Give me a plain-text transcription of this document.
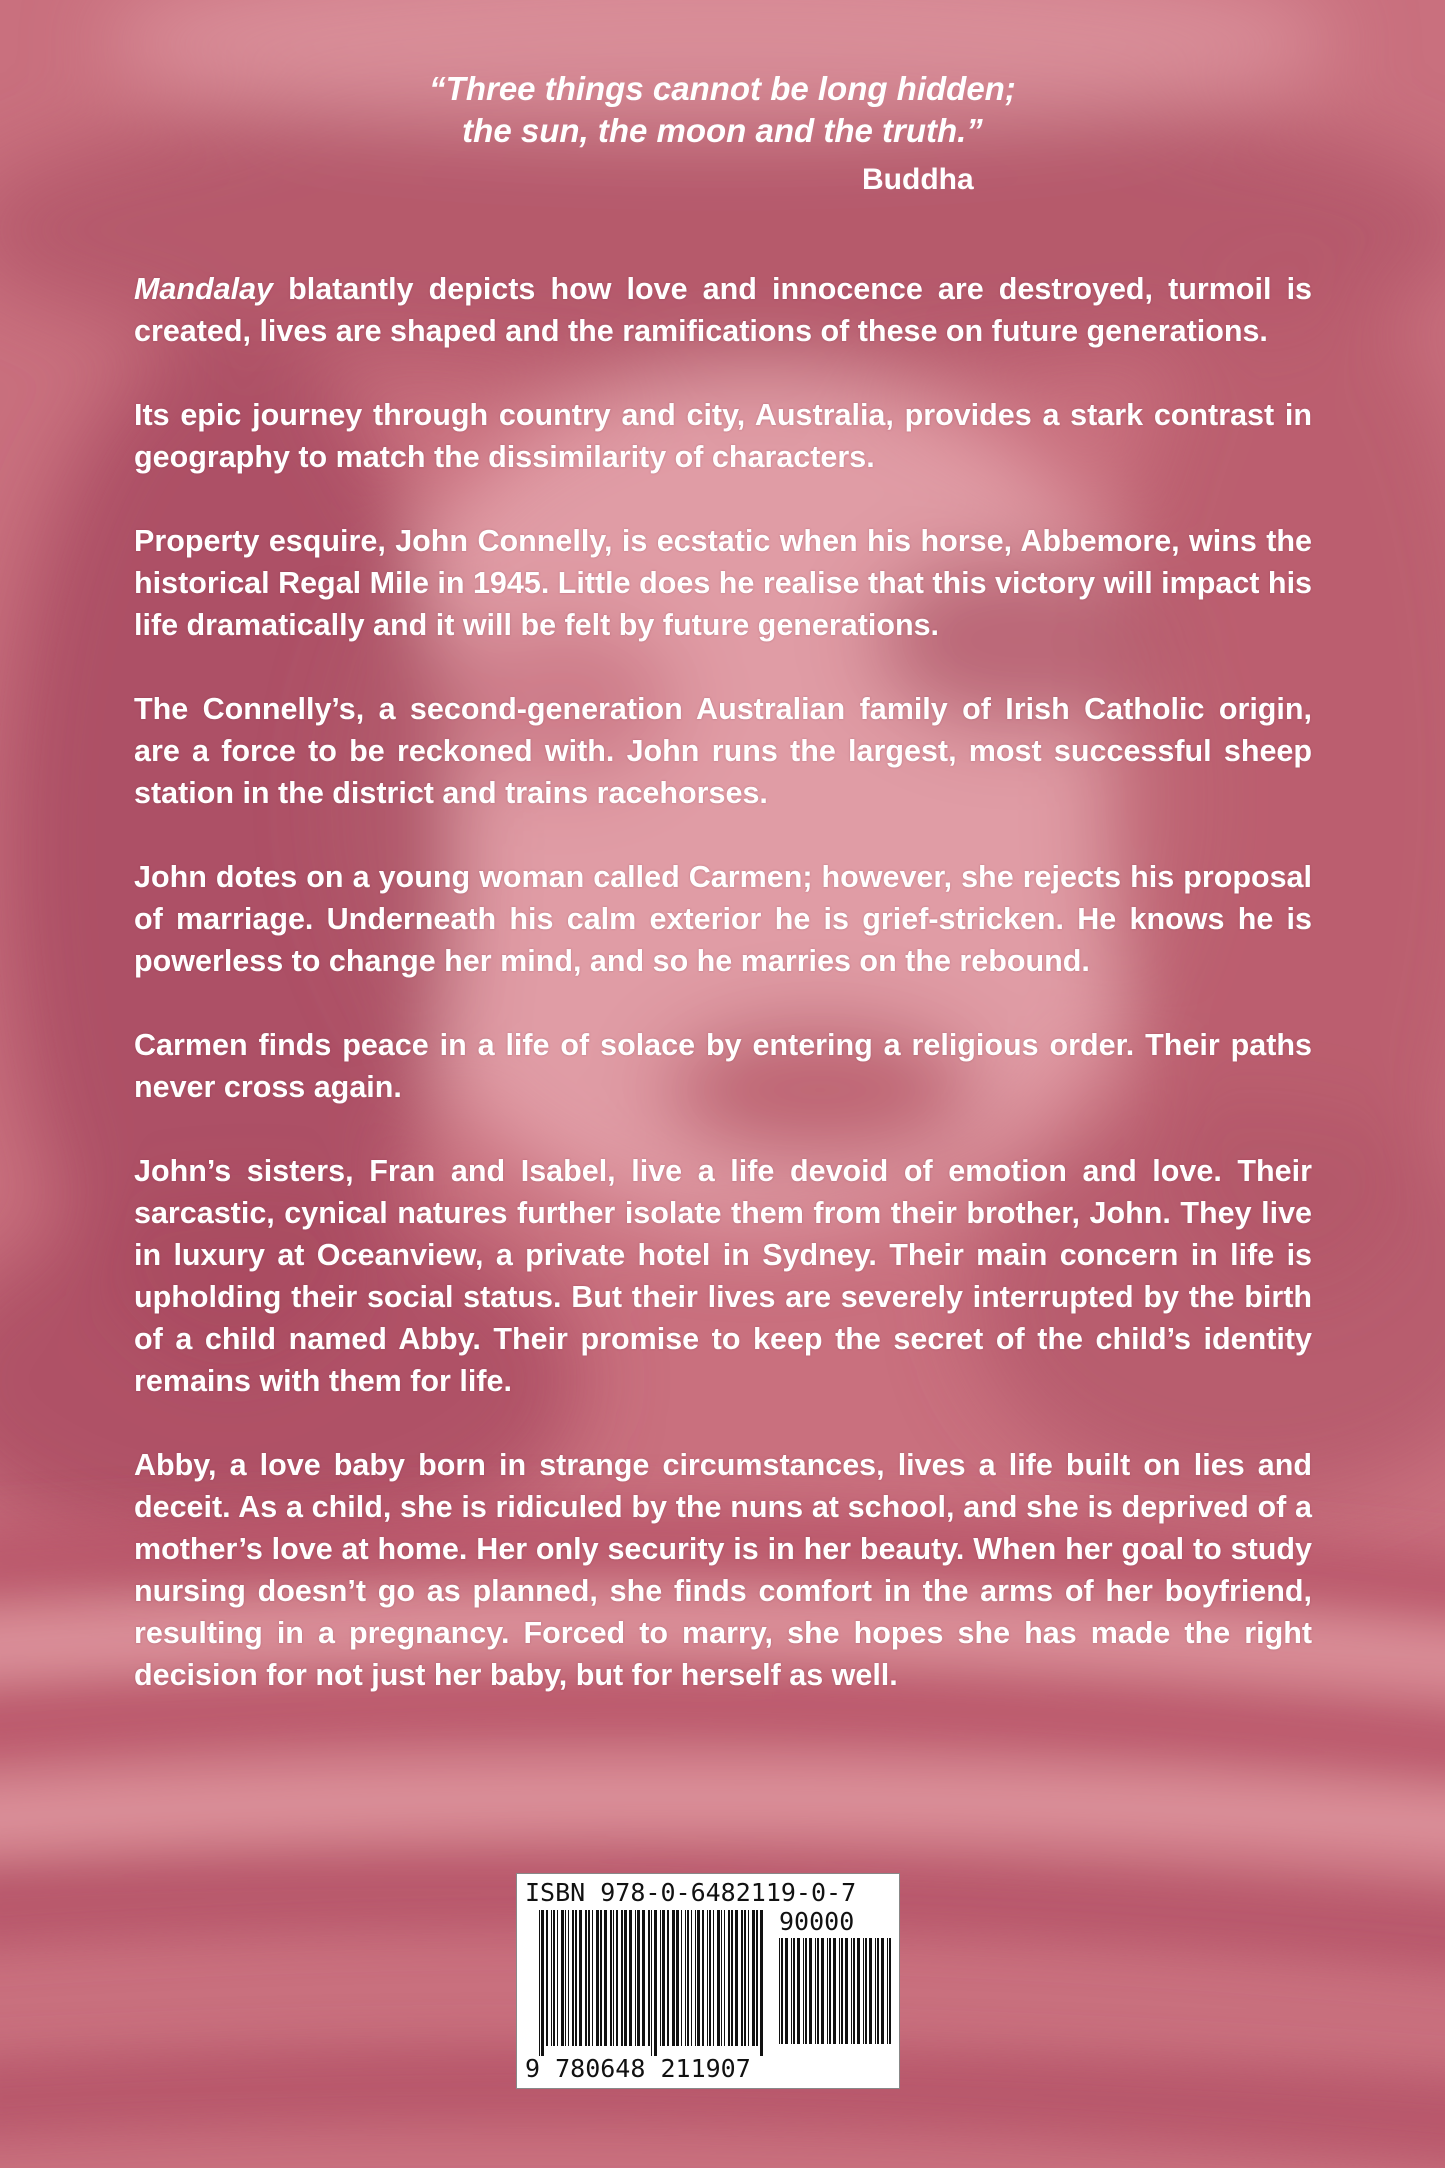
“Three things cannot be long hidden;
the sun, the moon and the truth.”
Buddha

Mandalay blatantly depicts how love and innocence are destroyed, turmoil is created, lives are shaped and the ramifications of these on future generations.

Its epic journey through country and city, Australia, provides a stark contrast in geography to match the dissimilarity of characters.

Property esquire, John Connelly, is ecstatic when his horse, Abbemore, wins the historical Regal Mile in 1945. Little does he realise that this victory will impact his life dramatically and it will be felt by future generations.

The Connelly’s, a second-generation Australian family of Irish Catholic origin, are a force to be reckoned with. John runs the largest, most successful sheep station in the district and trains racehorses.

John dotes on a young woman called Carmen; however, she rejects his proposal of marriage. Underneath his calm exterior he is grief-stricken. He knows he is powerless to change her mind, and so he marries on the rebound.

Carmen finds peace in a life of solace by entering a religious order. Their paths never cross again.

John’s sisters, Fran and Isabel, live a life devoid of emotion and love. Their sarcastic, cynical natures further isolate them from their brother, John. They live in luxury at Oceanview, a private hotel in Sydney. Their main concern in life is upholding their social status. But their lives are severely interrupted by the birth of a child named Abby. Their promise to keep the secret of the child’s identity remains with them for life.

Abby, a love baby born in strange circumstances, lives a life built on lies and deceit. As a child, she is ridiculed by the nuns at school, and she is deprived of a mother’s love at home. Her only security is in her beauty. When her goal to study nursing doesn’t go as planned, she finds comfort in the arms of her boyfriend, resulting in a pregnancy. Forced to marry, she hopes she has made the right decision for not just her baby, but for herself as well.

ISBN 978-0-6482119-0-7
90000
9 780648 211907
